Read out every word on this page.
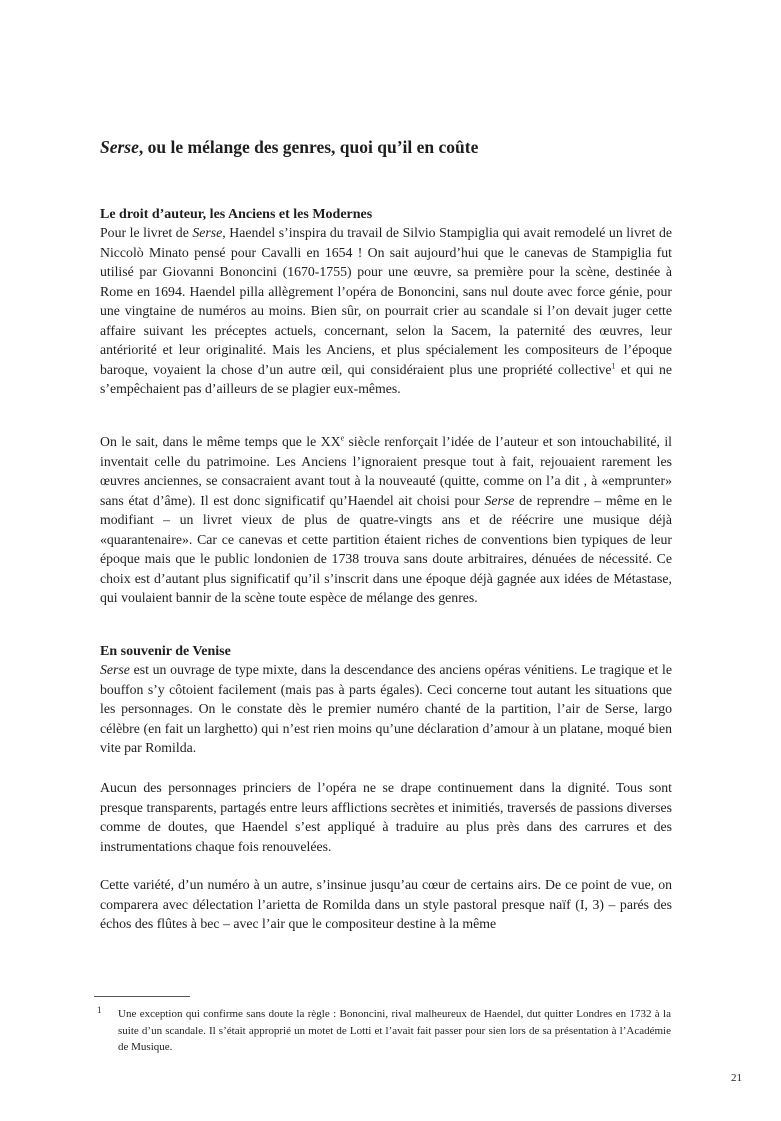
Serse, ou le mélange des genres, quoi qu’il en coûte
Le droit d’auteur, les Anciens et les Modernes

Pour le livret de Serse, Haendel s’inspira du travail de Silvio Stampiglia qui avait remodelé un livret de Niccolò Minato pensé pour Cavalli en 1654 ! On sait aujourd’hui que le canevas de Stampiglia fut utilisé par Giovanni Bononcini (1670-1755) pour une œuvre, sa première pour la scène, destinée à Rome en 1694. Haendel pilla allègrement l’opéra de Bononcini, sans nul doute avec force génie, pour une vingtaine de numéros au moins. Bien sûr, on pourrait crier au scandale si l’on devait juger cette affaire suivant les préceptes actuels, concernant, selon la Sacem, la paternité des œuvres, leur antériorité et leur originalité. Mais les Anciens, et plus spécialement les compositeurs de l’époque baroque, voyaient la chose d’un autre œil, qui considéraient plus une propriété collective$^1$ et qui ne s’empêchaient pas d’ailleurs de se plagier eux-mêmes.

On le sait, dans le même temps que le XXe siècle renforçait l’idée de l’auteur et son intouchabilité, il inventait celle du patrimoine. Les Anciens l’ignoraient presque tout à fait, rejouaient rarement les œuvres anciennes, se consacraient avant tout à la nouveauté (quitte, comme on l’a dit , à «emprunter» sans état d’âme). Il est donc significatif qu’Haendel ait choisi pour Serse de reprendre – même en le modifiant – un livret vieux de plus de quatre-vingts ans et de réécrire une musique déjà «quarantenaire». Car ce canevas et cette partition étaient riches de conventions bien typiques de leur époque mais que le public londonien de 1738 trouva sans doute arbitraires, dénuées de nécessité. Ce choix est d’autant plus significatif qu’il s’inscrit dans une époque déjà gagnée aux idées de Métastase, qui voulaient bannir de la scène toute espèce de mélange des genres.

En souvenir de Venise

Serse est un ouvrage de type mixte, dans la descendance des anciens opéras vénitiens. Le tragique et le bouffon s’y côtoient facilement (mais pas à parts égales). Ceci concerne tout autant les situations que les personnages. On le constate dès le premier numéro chanté de la partition, l’air de Serse, largo célèbre (en fait un larghetto) qui n’est rien moins qu’une déclaration d’amour à un platane, moqué bien vite par Romilda.

Aucun des personnages princiers de l’opéra ne se drape continuement dans la dignité. Tous sont presque transparents, partagés entre leurs afflictions secrètes et inimitiés, traversés de passions diverses comme de doutes, que Haendel s’est appliqué à traduire au plus près dans des carrures et des instrumentations chaque fois renouvelées.

Cette variété, d’un numéro à un autre, s’insinue jusqu’au cœur de certains airs. De ce point de vue, on comparera avec délectation l’arietta de Romilda dans un style pastoral presque naïf (I, 3) – parés des échos des flûtes à bec – avec l’air que le compositeur destine à la même

1 Une exception qui confirme sans doute la règle : Bononcini, rival malheureux de Haendel, dut quitter Londres en 1732 à la suite d’un scandale. Il s’était approprié un motet de Lotti et l’avait fait passer pour sien lors de sa présentation à l’Académie de Musique.

21
